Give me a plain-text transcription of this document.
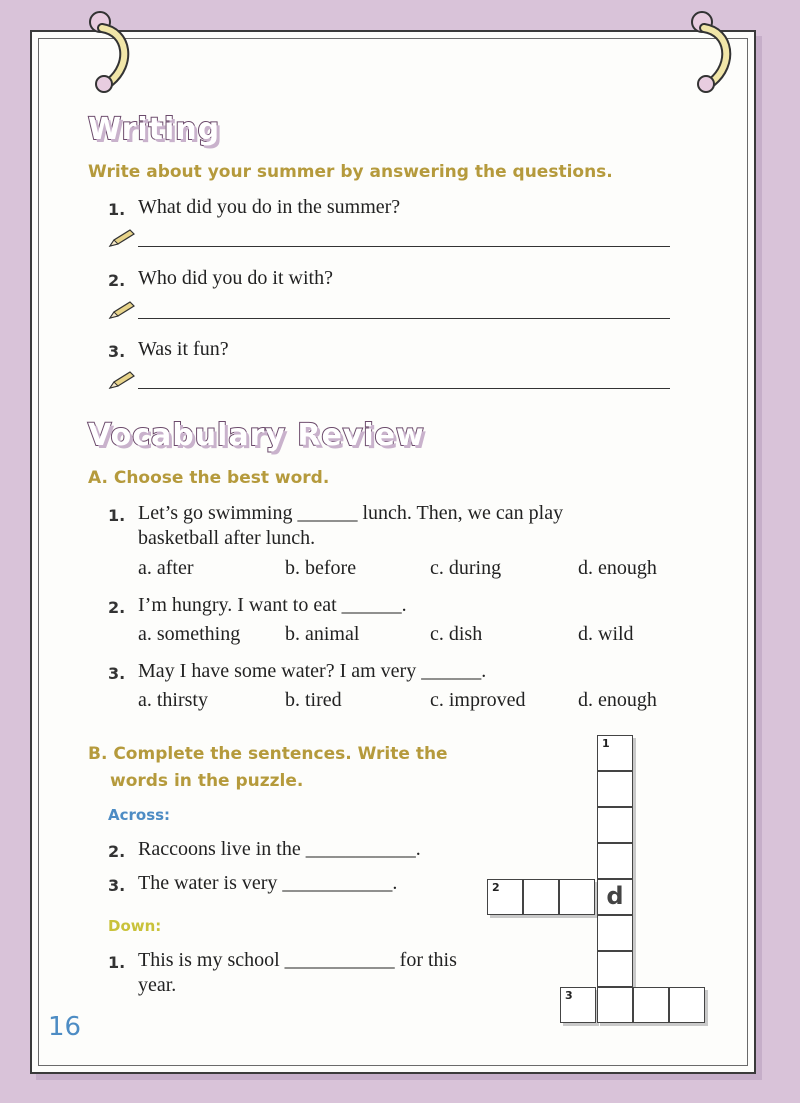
Writing
Write about your summer by answering the questions.
1. What did you do in the summer?
2. Who did you do it with?
3. Was it fun?
Vocabulary Review
A. Choose the best word.
1. Let’s go swimming ______ lunch. Then, we can play
basketball after lunch.
a. after	b. before	c. during	d. enough
2. I’m hungry. I want to eat ______.
a. something b. animal	c. dish	d. wild
3. May I have some water? I am very ______.
a. thirsty	b. tired	c. improved	d. enough
B. Complete the sentences. Write the
words in the puzzle.
Across:
2. Raccoons live in the ___________.
3. The water is very ___________.
Down:
1. This is my school ___________ for this
year.
1
2	d
3
16
